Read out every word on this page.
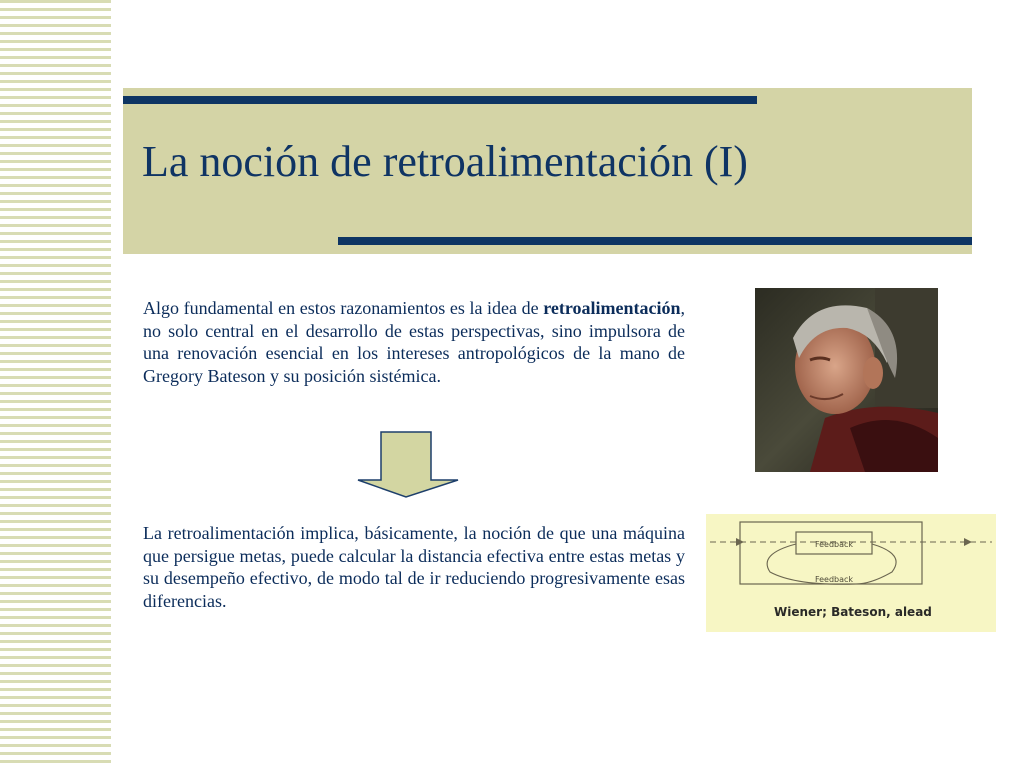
La noción de retroalimentación (I)

Algo fundamental en estos razonamientos es la idea de retroalimentación, no solo central en el desarrollo de estas perspectivas, sino impulsora de una renovación esencial en los intereses antropológicos de la mano de Gregory Bateson y su posición sistémica.

La retroalimentación implica, básicamente, la noción de que una máquina que persigue metas, puede calcular la distancia efectiva entre estas metas y su desempeño efectivo, de modo tal de ir reduciendo progresivamente esas diferencias.

Feedback
Feedback
Wiener; Bateson, alead
